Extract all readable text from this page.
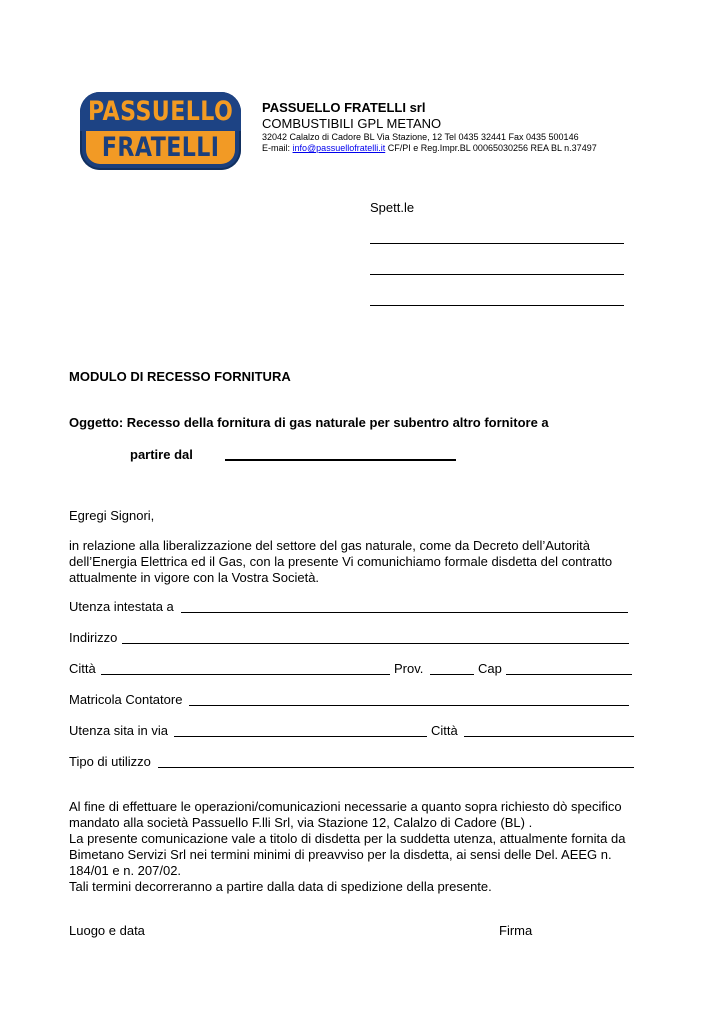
PASSUELLO
FRATELLI
PASSUELLO FRATELLI srl
COMBUSTIBILI GPL METANO
32042 Calalzo di Cadore BL Via Stazione, 12 Tel 0435 32441 Fax 0435 500146
E-mail: info@passuellofratelli.it CF/PI e Reg.Impr.BL 00065030256 REA BL n.37497
Spett.le
MODULO DI RECESSO FORNITURA
Oggetto: Recesso della fornitura di gas naturale per subentro altro fornitore a
partire dal
Egregi Signori,
in relazione alla liberalizzazione del settore del gas naturale, come da Decreto dell’Autorità
dell’Energia Elettrica ed il Gas, con la presente Vi comunichiamo formale disdetta del contratto
attualmente in vigore con la Vostra Società.
Utenza intestata a
Indirizzo
Città	Prov.	Cap
Matricola Contatore
Utenza sita in via	Città
Tipo di utilizzo
Al fine di effettuare le operazioni/comunicazioni necessarie a quanto sopra richiesto dò specifico
mandato alla società Passuello F.lli Srl, via Stazione 12, Calalzo di Cadore (BL) .
La presente comunicazione vale a titolo di disdetta per la suddetta utenza, attualmente fornita da
Bimetano Servizi Srl nei termini minimi di preavviso per la disdetta, ai sensi delle Del. AEEG n.
184/01 e n. 207/02.
Tali termini decorreranno a partire dalla data di spedizione della presente.
Luogo e data	Firma
